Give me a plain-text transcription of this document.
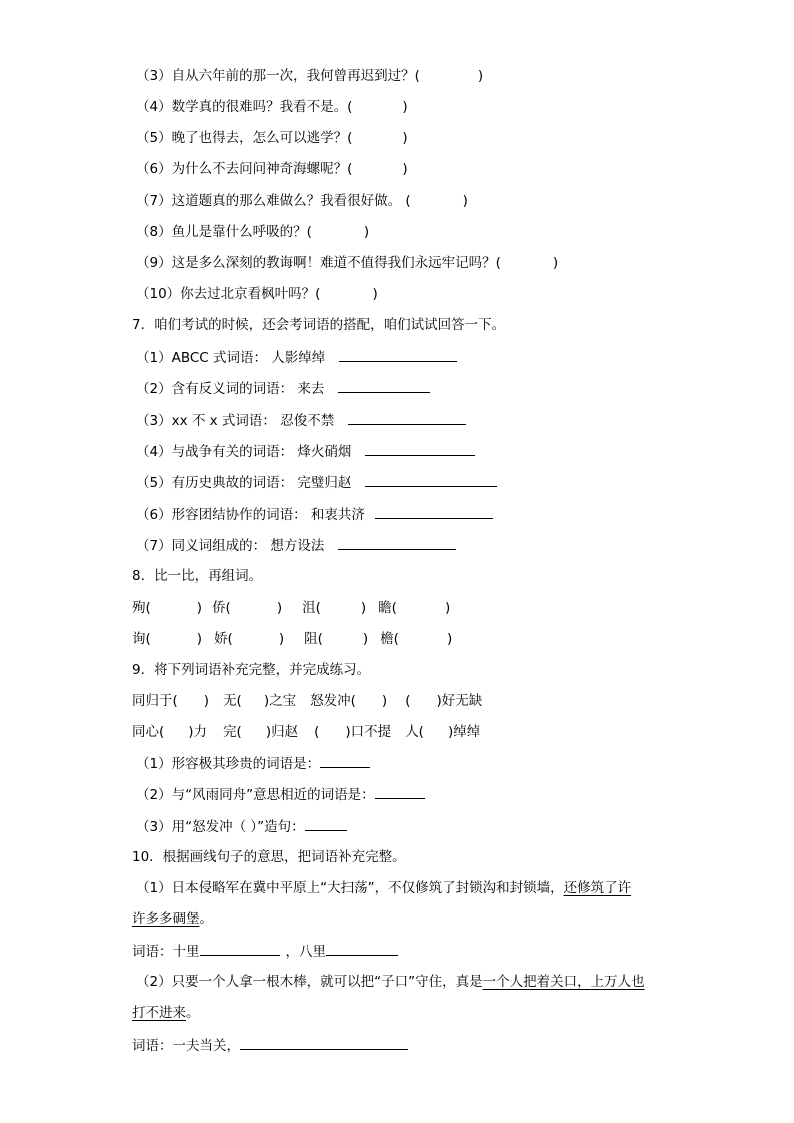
（3）自从六年前的那一次，我何曾再迟到过？(	)
（4）数学真的很难吗？我看不是。(	)
（5）晚了也得去，怎么可以逃学？(	)
（6）为什么不去问问神奇海螺呢？(	)
（7）这道题真的那么难做么？我看很好做。 (	)
（8）鱼儿是靠什么呼吸的？(	)
（9）这是多么深刻的教诲啊！难道不值得我们永远牢记吗？(	)
（10）你去过北京看枫叶吗？(	)
7．咱们考试的时候，还会考词语的搭配，咱们试试回答一下。
（1）ABCC 式词语： 人影绰绰
（2）含有反义词的词语： 来去
（3）xx 不 x 式词语： 忍俊不禁
（4）与战争有关的词语： 烽火硝烟
（5）有历史典故的词语： 完璧归赵
（6）形容团结协作的词语： 和衷共济
（7）同义词组成的： 想方设法
8．比一比，再组词。
殉(	) 侨(	) 沮(	) 瞻(	)
询(	) 娇(	) 阻(	) 檐(	)
9．将下列词语补充完整，并完成练习。
同归于( ) 无( )之宝 怒发冲( ) ( )好无缺
同心( )力 完( )归赵 ( )口不提 人( )绰绰
（1）形容极其珍贵的词语是：
（2）与“风雨同舟”意思相近的词语是：
（3）用“怒发冲（ ）”造句：
10．根据画线句子的意思，把词语补充完整。
（1）日本侵略军在冀中平原上“大扫荡”，不仅修筑了封锁沟和封锁墙，还修筑了许
许多多碉堡。
词语：十里	，八里
（2）只要一个人拿一根木棒，就可以把“子口”守住，真是一个人把着关口，上万人也
打不进来。
词语：一夫当关，
